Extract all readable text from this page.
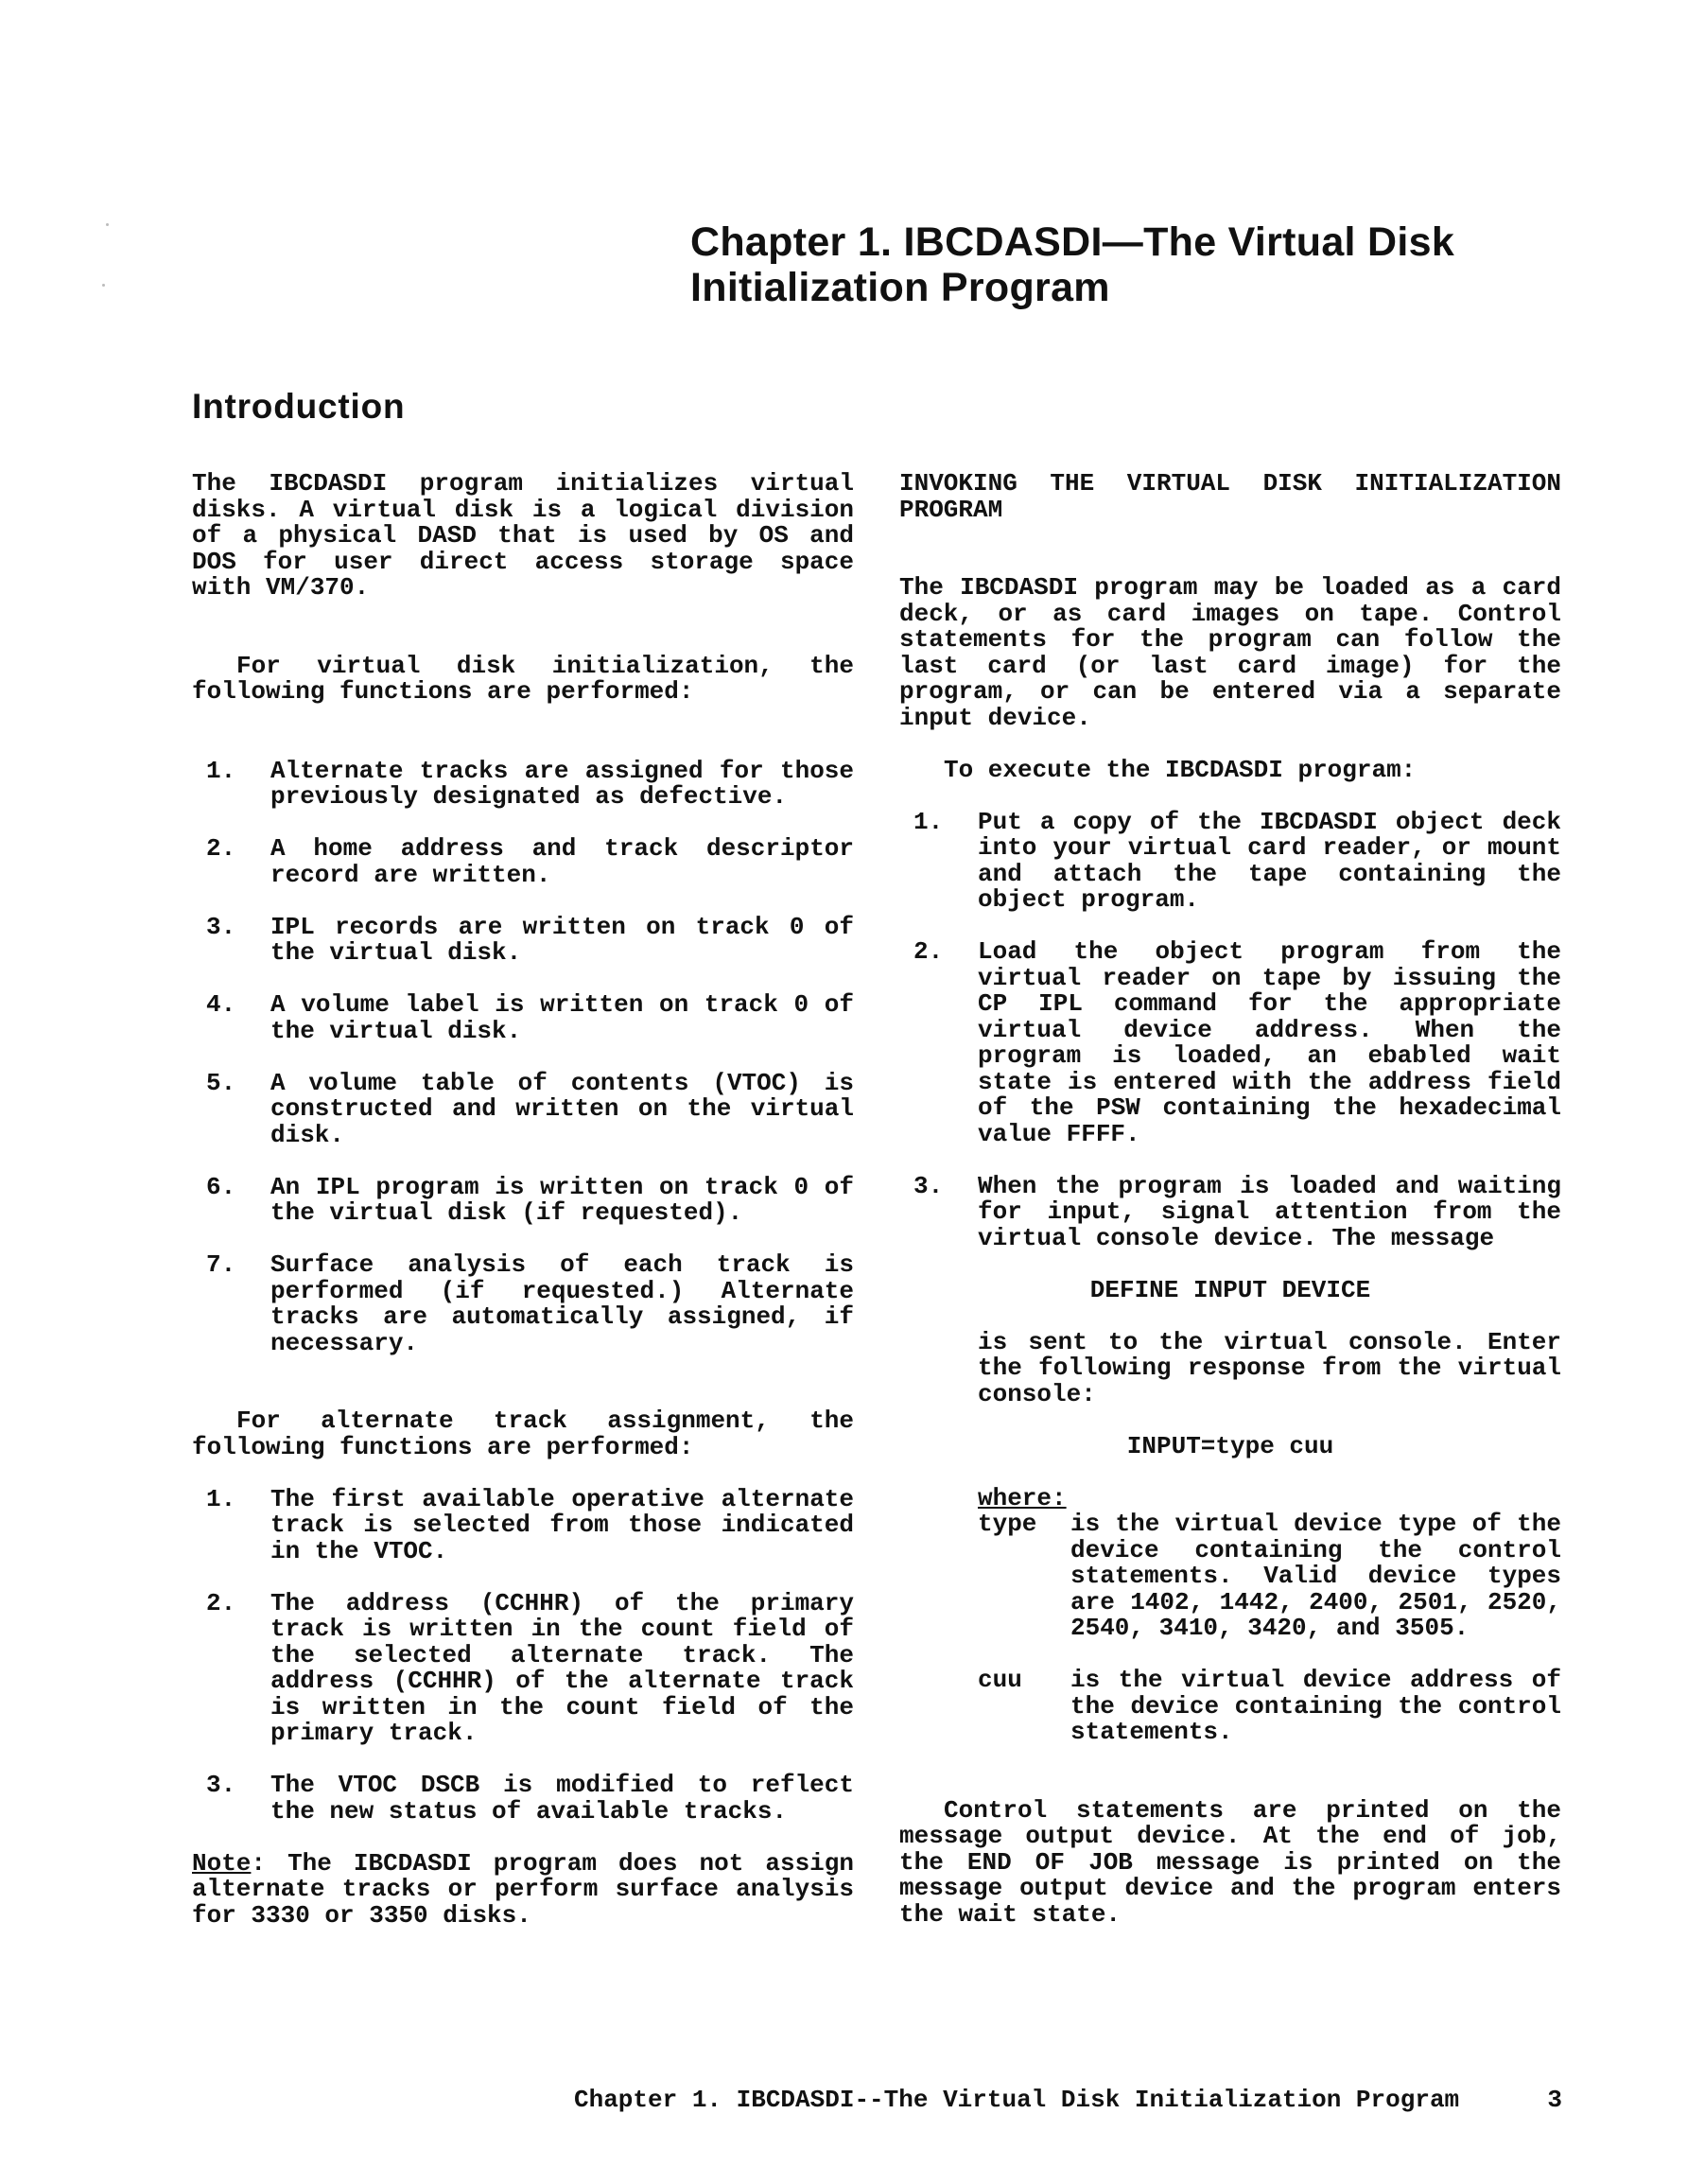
Chapter 1. IBCDASDI—The Virtual Disk
Initialization Program
Introduction

The IBCDASDI program initializes virtual disks. A virtual disk is a logical division of a physical DASD that is used by OS and DOS for user direct access storage space with VM/370.

For virtual disk initialization, the following functions are performed:

1. Alternate tracks are assigned for those previously designated as defective.

2. A home address and track descriptor record are written.

3. IPL records are written on track 0 of the virtual disk.

4. A volume label is written on track 0 of the virtual disk.

5. A volume table of contents (VTOC) is constructed and written on the virtual disk.

6. An IPL program is written on track 0 of the virtual disk (if requested).

7. Surface analysis of each track is performed (if requested.) Alternate tracks are automatically assigned, if necessary.

For alternate track assignment, the following functions are performed:

1. The first available operative alternate track is selected from those indicated in the VTOC.

2. The address (CCHHR) of the primary track is written in the count field of the selected alternate track. The address (CCHHR) of the alternate track is written in the count field of the primary track.

3. The VTOC DSCB is modified to reflect the new status of available tracks.

Note: The IBCDASDI program does not assign alternate tracks or perform surface analysis for 3330 or 3350 disks.

INVOKING THE VIRTUAL DISK INITIALIZATION PROGRAM

The IBCDASDI program may be loaded as a card deck, or as card images on tape. Control statements for the program can follow the last card (or last card image) for the program, or can be entered via a separate input device.

To execute the IBCDASDI program:

1. Put a copy of the IBCDASDI object deck into your virtual card reader, or mount and attach the tape containing the object program.

2. Load the object program from the virtual reader on tape by issuing the CP IPL command for the appropriate virtual device address. When the program is loaded, an ebabled wait state is entered with the address field of the PSW containing the hexadecimal value FFFF.

3. When the program is loaded and waiting for input, signal attention from the virtual console device. The message

DEFINE INPUT DEVICE

is sent to the virtual console. Enter the following response from the virtual console:

INPUT=type cuu

where:

type	is the virtual device type of the device containing the control statements. Valid device types are 1402, 1442, 2400, 2501, 2520, 2540, 3410, 3420, and 3505.
cuu	is the virtual device address of the device containing the control statements.

Control statements are printed on the message output device. At the end of job, the END OF JOB message is printed on the message output device and the program enters the wait state.

Chapter 1. IBCDASDI--The Virtual Disk Initialization Program	3
